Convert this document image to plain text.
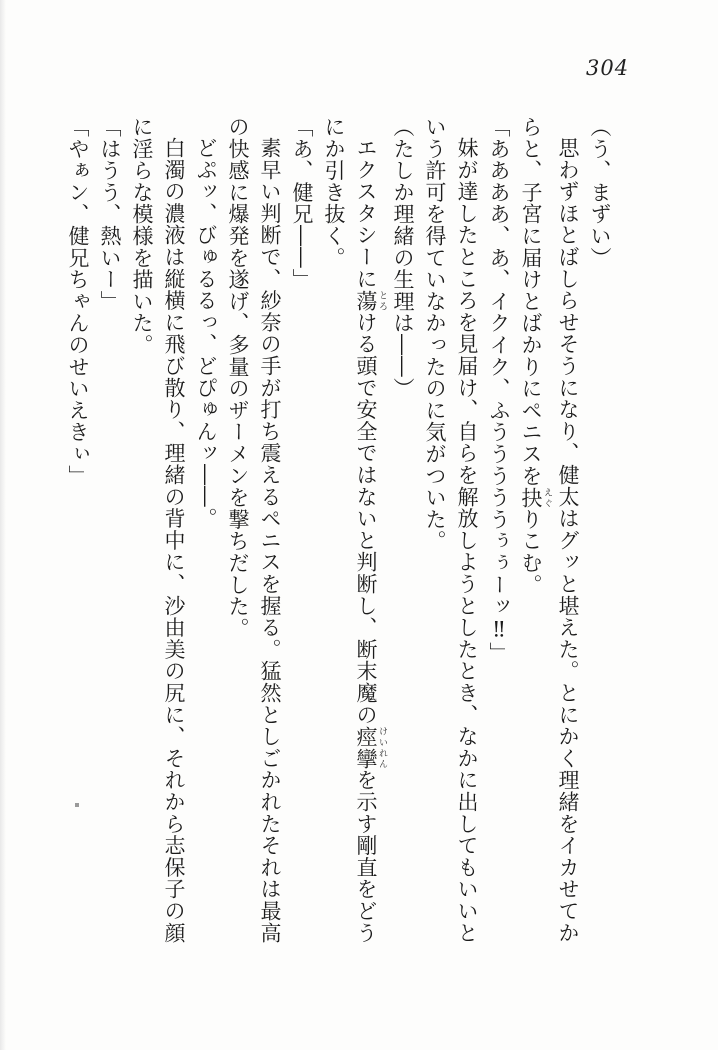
304
（う、まずい）
思わずほとばしらせそうになり、健太はグッと堪えた。とにかく理緒をイカせてか
らと、子宮に届けとばかりにペニスを抉 えぐりこむ。
「ああああ、あ、イクイク、ふうううううぅぅーッ‼」
妹が達したところを見届け、自らを解放しようとしたとき、なかに出してもいいと
いう許可を得ていなかったのに気がついた。
（たしか理緒の生理は――）
エクスタシーに蕩 とろける頭で安全ではないと判断し、断末魔の痙攣 けいれんを示す剛直をどう
にか引き抜く。
「あ、健兄――」
素早い判断で、紗奈の手が打ち震えるペニスを握る。猛然としごかれたそれは最高
の快感に爆発を遂げ、多量のザーメンを撃ちだした。
どぷッ、びゅるるっ、どぴゅんッ――。
白濁の濃液は縦横に飛び散り、理緒の背中に、沙由美の尻に、それから志保子の顔
に淫らな模様を描いた。
「はうう、熱いー」
「やぁン、健兄ちゃんのせいえきぃ」
